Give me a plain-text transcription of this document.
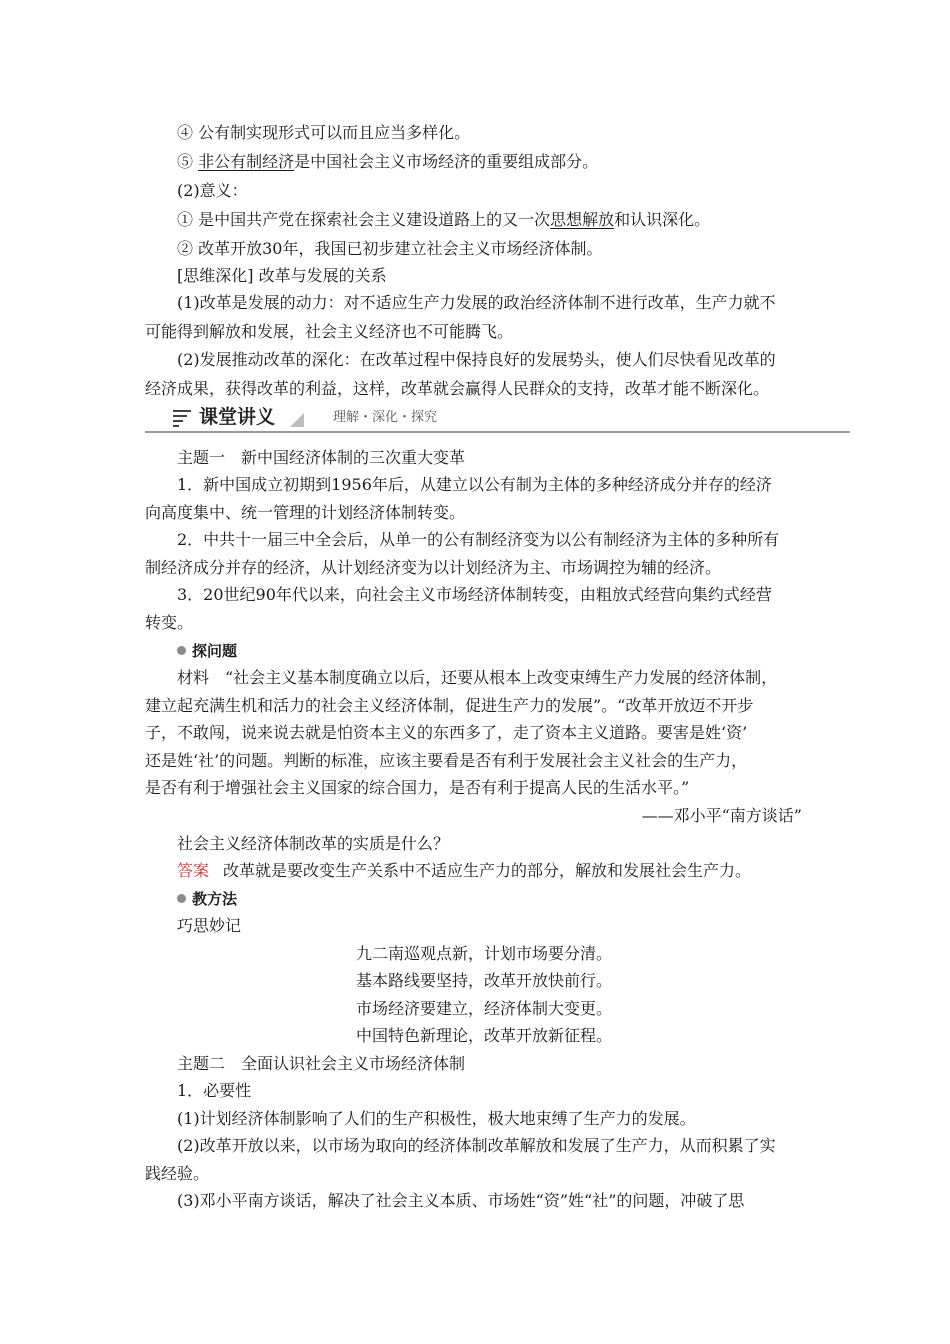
④ 公有制实现形式可以而且应当多样化。
⑤ 非公有制经济是中国社会主义市场经济的重要组成部分。
(2)意义：
① 是中国共产党在探索社会主义建设道路上的又一次思想解放和认识深化。
② 改革开放30年，我国已初步建立社会主义市场经济体制。
[思维深化] 改革与发展的关系
(1)改革是发展的动力：对不适应生产力发展的政治经济体制不进行改革，生产力就不
可能得到解放和发展，社会主义经济也不可能腾飞。
(2)发展推动改革的深化：在改革过程中保持良好的发展势头，使人们尽快看见改革的
经济成果，获得改革的利益，这样，改革就会赢得人民群众的支持，改革才能不断深化。
课堂讲义	理解・深化・探究
主题一　新中国经济体制的三次重大变革
1．新中国成立初期到1956年后，从建立以公有制为主体的多种经济成分并存的经济
向高度集中、统一管理的计划经济体制转变。
2．中共十一届三中全会后，从单一的公有制经济变为以公有制经济为主体的多种所有
制经济成分并存的经济，从计划经济变为以计划经济为主、市场调控为辅的经济。
3．20世纪90年代以来，向社会主义市场经济体制转变，由粗放式经营向集约式经营
转变。
探问题
材料　“社会主义基本制度确立以后，还要从根本上改变束缚生产力发展的经济体制，
建立起充满生机和活力的社会主义经济体制，促进生产力的发展”。“改革开放迈不开步
子，不敢闯，说来说去就是怕资本主义的东西多了，走了资本主义道路。要害是姓‘资’
还是姓‘社’的问题。判断的标准，应该主要看是否有利于发展社会主义社会的生产力，
是否有利于增强社会主义国家的综合国力，是否有利于提高人民的生活水平。”
——邓小平“南方谈话”
社会主义经济体制改革的实质是什么？
答案 改革就是要改变生产关系中不适应生产力的部分，解放和发展社会生产力。
教方法
巧思妙记
九二南巡观点新，计划市场要分清。
基本路线要坚持，改革开放快前行。
市场经济要建立，经济体制大变更。
中国特色新理论，改革开放新征程。
主题二　全面认识社会主义市场经济体制
1．必要性
(1)计划经济体制影响了人们的生产积极性，极大地束缚了生产力的发展。
(2)改革开放以来，以市场为取向的经济体制改革解放和发展了生产力，从而积累了实
践经验。
(3)邓小平南方谈话，解决了社会主义本质、市场姓“资”姓“社”的问题，冲破了思
